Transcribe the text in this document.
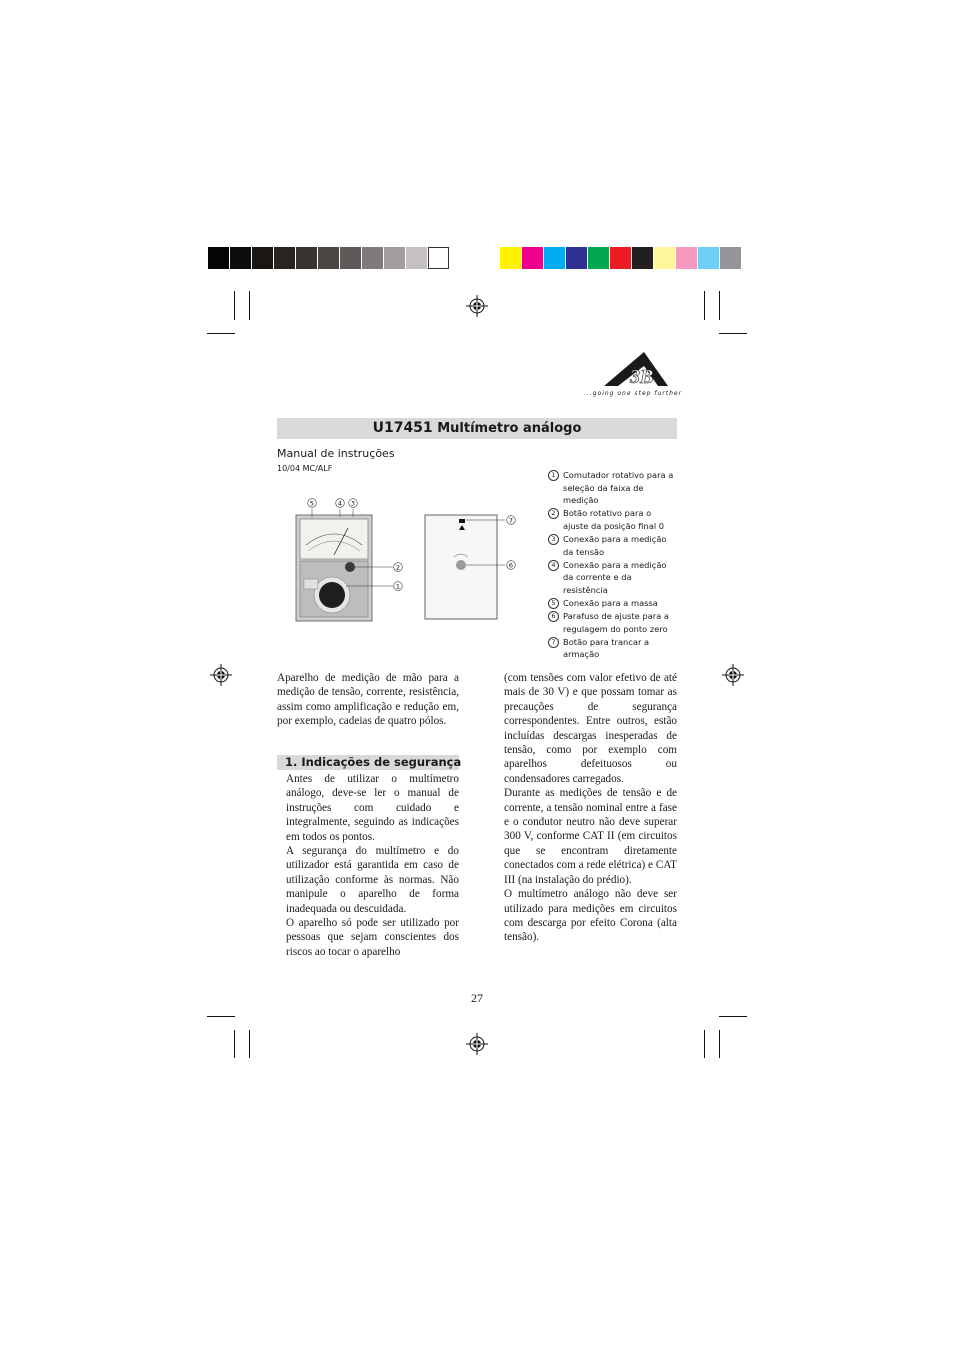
3B
...going one step further
U17451 Multímetro análogo
Manual de instruções
10/04 MC/ALF
5	4 3
2
1
7
6
1 Comutador rotativo para a seleção da faixa de medição
2 Botão rotativo para o ajuste da posição final 0
3 Conexão para a medição da tensão
4 Conexão para a medição da corrente e da resistência
5 Conexão para a massa
6 Parafuso de ajuste para a regulagem do ponto zero
7 Botão para trancar a armação

Aparelho de medição de mão para a medição de tensão, corrente, resistência, assim como amplificação e redução em, por exemplo, cadeias de quatro pólos.

1. Indicações de segurança

Antes de utilizar o multímetro análogo, deve-se ler o manual de instruções com cuidado e integralmente, seguindo as indicações em todos os pontos.

A segurança do multímetro e do utilizador está garantida em caso de utilização conforme às normas. Não manipule o aparelho de forma inadequada ou descuidada.

O aparelho só pode ser utilizado por pessoas que sejam conscientes dos riscos ao tocar o aparelho

(com tensões com valor efetivo de até mais de 30 V) e que possam tomar as precauções de segurança correspondentes. Entre outros, estão incluídas descargas inesperadas de tensão, como por exemplo com aparelhos defeituosos ou condensadores carregados.

Durante as medições de tensão e de corrente, a tensão nominal entre a fase e o condutor neutro não deve superar 300 V, conforme CAT II (em circuitos que se encontram diretamente conectados com a rede elétrica) e CAT III (na instalação do prédio).

O multímetro análogo não deve ser utilizado para medições em circuitos com descarga por efeito Corona (alta tensão).

27
